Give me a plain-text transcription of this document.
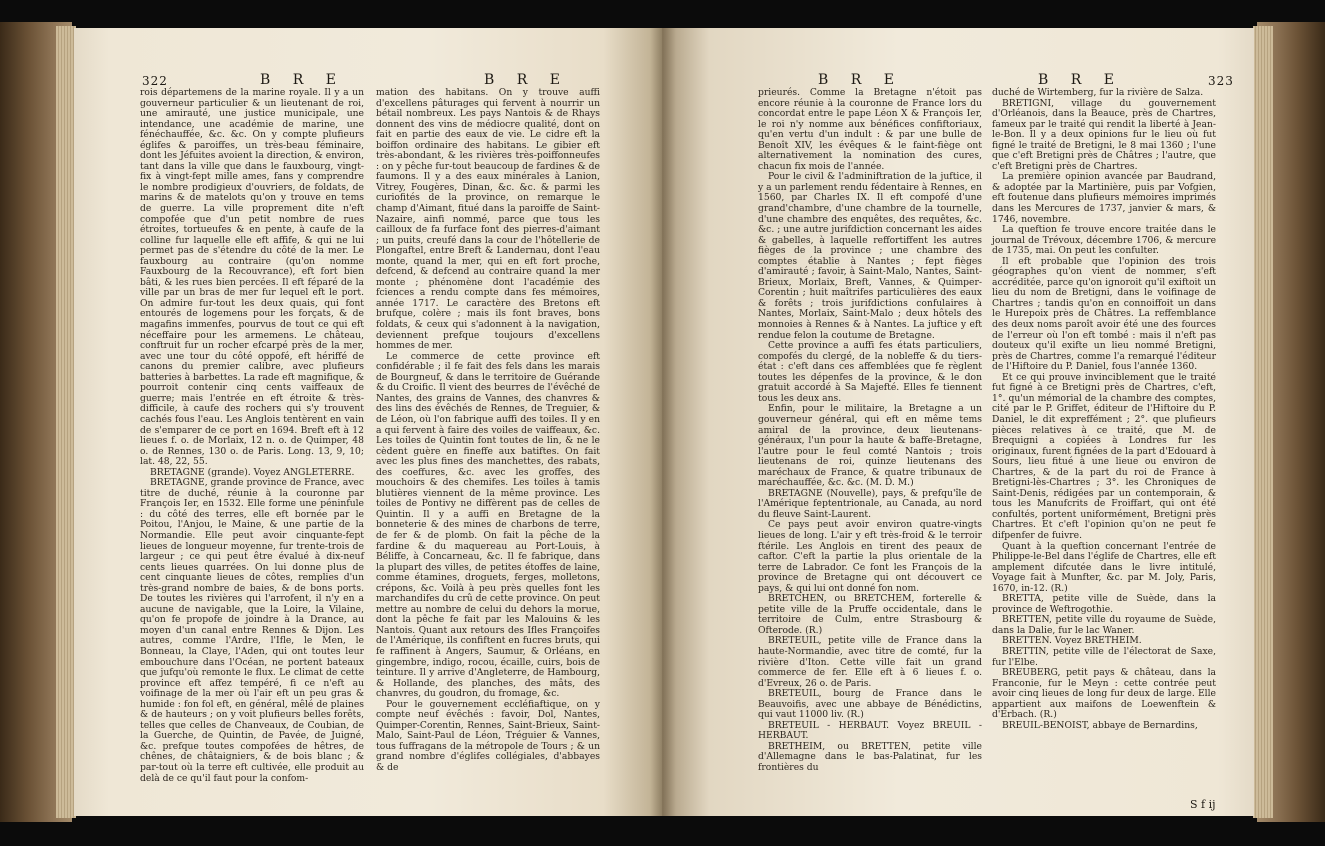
322	B R E	B R E

rois départemens de la marine royale. Il y a un gouverneur particulier & un lieutenant de roi, une amirauté, une justice municipale, une intendance, une académie de marine, une fénéchauffée, &c. &c. On y compte plufieurs églifes & paroiffes, un très-beau féminaire, dont les Jéfuites avoient la direction, & environ, tant dans la ville que dans le fauxbourg, vingt-fix à vingt-fept mille ames, fans y comprendre le nombre prodigieux d'ouvriers, de foldats, de marins & de matelots qu'on y trouve en tems de guerre. La ville proprement dite n'eft compofée que d'un petit nombre de rues étroites, tortueufes & en pente, à caufe de la colline fur laquelle elle eft affife, & qui ne lui permet pas de s'étendre du côté de la mer. Le fauxbourg au contraire (qu'on nomme Fauxbourg de la Recouvrance), eft fort bien bâti, & les rues bien percées. Il eft féparé de la ville par un bras de mer fur lequel eft le port. On admire fur-tout les deux quais, qui font entourés de logemens pour les forçats, & de magafins immenfes, pourvus de tout ce qui eft néceffaire pour les armemens. Le château, conftruit fur un rocher efcarpé près de la mer, avec une tour du côté oppofé, eft hériffé de canons du premier calibre, avec plufieurs batteries à barbettes. La rade eft magnifique, & pourroit contenir cinq cents vaiffeaux de guerre; mais l'entrée en eft étroite & très-difficile, à caufe des rochers qui s'y trouvent cachés fous l'eau. Les Anglois tentèrent en vain de s'emparer de ce port en 1694. Breft eft à 12 lieues f. o. de Morlaix, 12 n. o. de Quimper, 48 o. de Rennes, 130 o. de Paris. Long. 13, 9, 10; lat. 48, 22, 55.

BRETAGNE (grande). Voyez ANGLETERRE.

BRETAGNE, grande province de France, avec titre de duché, réunie à la couronne par François Ier, en 1532. Elle forme une péninfule : du côté des terres, elle eft bornée par le Poitou, l'Anjou, le Maine, & une partie de la Normandie. Elle peut avoir cinquante-fept lieues de longueur moyenne, fur trente-trois de largeur ; ce qui peut être évalué à dix-neuf cents lieues quarrées. On lui donne plus de cent cinquante lieues de côtes, remplies d'un très-grand nombre de baies, & de bons ports. De toutes les rivières qui l'arrofent, il n'y en a aucune de navigable, que la Loire, la Vilaine, qu'on fe propofe de joindre à la Drance, au moyen d'un canal entre Rennes & Dijon. Les autres, comme l'Ardre, l'Ifle, le Men, le Bonneau, la Claye, l'Aden, qui ont toutes leur embouchure dans l'Océan, ne portent bateaux que jufqu'où remonte le flux. Le climat de cette province eft affez tempéré, fi ce n'eft au voifinage de la mer où l'air eft un peu gras & humide : fon fol eft, en général, mêlé de plaines & de hauteurs ; on y voit plufieurs belles forêts, telles que celles de Chanveaux, de Coubian, de la Guerche, de Quintin, de Pavée, de Juigné, &c. prefque toutes compofées de hêtres, de chênes, de châtaigniers, & de bois blanc ; & par-tout où la terre eft cultivée, elle produit au delà de ce qu'il faut pour la confom-

mation des habitans. On y trouve auffi d'excellens pâturages qui fervent à nourrir un bétail nombreux. Les pays Nantois & de Rhays donnent des vins de médiocre qualité, dont on fait en partie des eaux de vie. Le cidre eft la boiffon ordinaire des habitans. Le gibier eft très-abondant, & les rivières très-poiffonneufes : on y pêche fur-tout beaucoup de fardines & de faumons. Il y a des eaux minérales à Lanion, Vitrey, Fougères, Dinan, &c. &c. & parmi les curiofités de la province, on remarque le champ d'Aimant, fitué dans la paroiffe de Saint-Nazaire, ainfi nommé, parce que tous les cailloux de fa furface font des pierres-d'aimant ; un puits, creufé dans la cour de l'hôtellerie de Plongaftel, entre Breft & Landernau, dont l'eau monte, quand la mer, qui en eft fort proche, defcend, & defcend au contraire quand la mer monte ; phénomène dont l'académie des fciences a rendu compte dans fes mémoires, année 1717. Le caractère des Bretons eft brufque, colère ; mais ils font braves, bons foldats, & ceux qui s'adonnent à la navigation, deviennent prefque toujours d'excellens hommes de mer.

Le commerce de cette province eft confidérable ; il fe fait des fels dans les marais de Bourgneuf, & dans le territoire de Guérande & du Croific. Il vient des beurres de l'évêché de Nantes, des grains de Vannes, des chanvres & des lins des évêchés de Rennes, de Treguier, & de Léon, où l'on fabrique auffi des toiles. Il y en a qui fervent à faire des voiles de vaiffeaux, &c. Les toiles de Quintin font toutes de lin, & ne le cèdent guère en fineffe aux batiftes. On fait avec les plus fines des manchettes, des rabats, des coeffures, &c. avec les groffes, des mouchoirs & des chemifes. Les toiles à tamis blutières viennent de la même province. Les toiles de Pontivy ne diffèrent pas de celles de Quintin. Il y a auffi en Bretagne de la bonneterie & des mines de charbons de terre, de fer & de plomb. On fait la pêche de la fardine & du maquereau au Port-Louis, à Béliffe, à Concarneau, &c. Il fe fabrique, dans la plupart des villes, de petites étoffes de laine, comme étamines, droguets, ferges, molletons, crépons, &c. Voilà à peu près quelles font les marchandifes du crû de cette province. On peut mettre au nombre de celui du dehors la morue, dont la pêche fe fait par les Malouins & les Nantois. Quant aux retours des Ifles Françoifes de l'Amérique, ils confiftent en fucres bruts, qui fe raffinent à Angers, Saumur, & Orléans, en gingembre, indigo, rocou, écaille, cuirs, bois de teinture. Il y arrive d'Angleterre, de Hambourg, & Hollande, des planches, des mâts, des chanvres, du goudron, du fromage, &c.

Pour le gouvernement eccléfiaftique, on y compte neuf évêchés : favoir, Dol, Nantes, Quimper-Corentin, Rennes, Saint-Brieux, Saint-Malo, Saint-Paul de Léon, Tréguier & Vannes, tous fuffragans de la métropole de Tours ; & un grand nombre d'églifes collégiales, d'abbayes & de

B R E	B R E	323

prieurés. Comme la Bretagne n'étoit pas encore réunie à la couronne de France lors du concordat entre le pape Léon X & François Ier, le roi n'y nomme aux bénéfices confiftoriaux, qu'en vertu d'un indult : & par une bulle de Benoît XIV, les évêques & le faint-fiège ont alternativement la nomination des cures, chacun fix mois de l'année.

Pour le civil & l'adminiftration de la juftice, il y a un parlement rendu fédentaire à Rennes, en 1560, par Charles IX. Il eft compofé d'une grand'chambre, d'une chambre de la tournelle, d'une chambre des enquêtes, des requêtes, &c. &c. ; une autre jurifdiction concernant les aides & gabelles, à laquelle reffortiffent les autres fièges de la province ; une chambre des comptes établie à Nantes ; fept fièges d'amirauté ; favoir, à Saint-Malo, Nantes, Saint-Brieux, Morlaix, Breft, Vannes, & Quimper-Corentin ; huit maîtrifes particulières des eaux & forêts ; trois jurifdictions confulaires à Nantes, Morlaix, Saint-Malo ; deux hôtels des monnoies à Rennes & à Nantes. La juftice y eft rendue felon la coutume de Bretagne.

Cette province a auffi fes états particuliers, compofés du clergé, de la nobleffe & du tiers-état : c'eft dans ces affemblées que fe règlent toutes les dépenfes de la province, & le don gratuit accordé à Sa Majefté. Elles fe tiennent tous les deux ans.

Enfin, pour le militaire, la Bretagne a un gouverneur général, qui eft en même tems amiral de la province, deux lieutenans-généraux, l'un pour la haute & baffe-Bretagne, l'autre pour le feul comté Nantois ; trois lieutenans de roi, quinze lieutenans des maréchaux de France, & quatre tribunaux de maréchauffée, &c. &c. (M. D. M.)

BRETAGNE (Nouvelle), pays, & prefqu'île de l'Amérique feptentrionale, au Canada, au nord du fleuve Saint-Laurent.

Ce pays peut avoir environ quatre-vingts lieues de long. L'air y eft très-froid & le terroir ftérile. Les Anglois en tirent des peaux de caftor. C'eft la partie la plus orientale de la terre de Labrador. Ce font les François de la province de Bretagne qui ont découvert ce pays, & qui lui ont donné fon nom.

BRETCHEN, ou BRETCHEM, forterelle & petite ville de la Pruffe occidentale, dans le territoire de Culm, entre Strasbourg & Ofterode. (R.)

BRETEUIL, petite ville de France dans la haute-Normandie, avec titre de comté, fur la rivière d'Iton. Cette ville fait un grand commerce de fer. Elle eft à 6 lieues f. o. d'Evreux, 26 o. de Paris.

BRETEUIL, bourg de France dans le Beauvoifis, avec une abbaye de Bénédictins, qui vaut 11000 liv. (R.)

BRETEUIL - HERBAUT. Voyez BREUIL - HERBAUT.

BRETHEIM, ou BRETTEN, petite ville d'Allemagne dans le bas-Palatinat, fur les frontières du

duché de Wirtemberg, fur la rivière de Salza.

BRETIGNI, village du gouvernement d'Orléanois, dans la Beauce, près de Chartres, fameux par le traité qui rendit la liberté à Jean-le-Bon. Il y a deux opinions fur le lieu où fut figné le traité de Bretigni, le 8 mai 1360 ; l'une que c'eft Bretigni près de Châtres ; l'autre, que c'eft Bretigni près de Chartres.

La première opinion avancée par Baudrand, & adoptée par la Martinière, puis par Vofgien, eft foutenue dans plufieurs mémoires imprimés dans les Mercures de 1737, janvier & mars, & 1746, novembre.

La queftion fe trouve encore traitée dans le journal de Trévoux, décembre 1706, & mercure de 1735, mai. On peut les confulter.

Il eft probable que l'opinion des trois géographes qu'on vient de nommer, s'eft accréditée, parce qu'on ignoroit qu'il exiftoit un lieu du nom de Bretigni, dans le voifinage de Chartres ; tandis qu'on en connoiffoit un dans le Hurepoix près de Châtres. La reffemblance des deux noms paroît avoir été une des fources de l'erreur où l'on eft tombé : mais il n'eft pas douteux qu'il exifte un lieu nommé Bretigni, près de Chartres, comme l'a remarqué l'éditeur de l'Hiftoire du P. Daniel, fous l'année 1360.

Et ce qui prouve invinciblement que le traité fut figné à ce Bretigni près de Chartres, c'eft, 1°. qu'un mémorial de la chambre des comptes, cité par le P. Griffet, éditeur de l'Hiftoire du P. Daniel, le dit expreffément ; 2°. que plufieurs pièces relatives à ce traité, que M. de Brequigni a copiées à Londres fur les originaux, furent fignées de la part d'Edouard à Sours, lieu fitué à une lieue ou environ de Chartres, & de la part du roi de France à Bretigni-lès-Chartres ; 3°. les Chroniques de Saint-Denis, rédigées par un contemporain, & tous les Manufcrits de Froiffart, qui ont été confultés, portent uniformément, Bretigni près Chartres. Et c'eft l'opinion qu'on ne peut fe difpenfer de fuivre.

Quant à la queftion concernant l'entrée de Philippe-le-Bel dans l'églife de Chartres, elle eft amplement difcutée dans le livre intitulé, Voyage fait à Munfter, &c. par M. Joly, Paris, 1670, in-12. (R.)

BRETTA, petite ville de Suède, dans la province de Weftrogothie.

BRETTEN, petite ville du royaume de Suède, dans la Dalie, fur le lac Waner.

BRETTEN. Voyez BRETHEIM.

BRETTIN, petite ville de l'électorat de Saxe, fur l'Elbe.

BREUBERG, petit pays & château, dans la Franconie, fur le Meyn : cette contrée peut avoir cinq lieues de long fur deux de large. Elle appartient aux maifons de Loewenftein & d'Erbach. (R.)

BREUIL-BENOIST, abbaye de Bernardins,

S f ij
